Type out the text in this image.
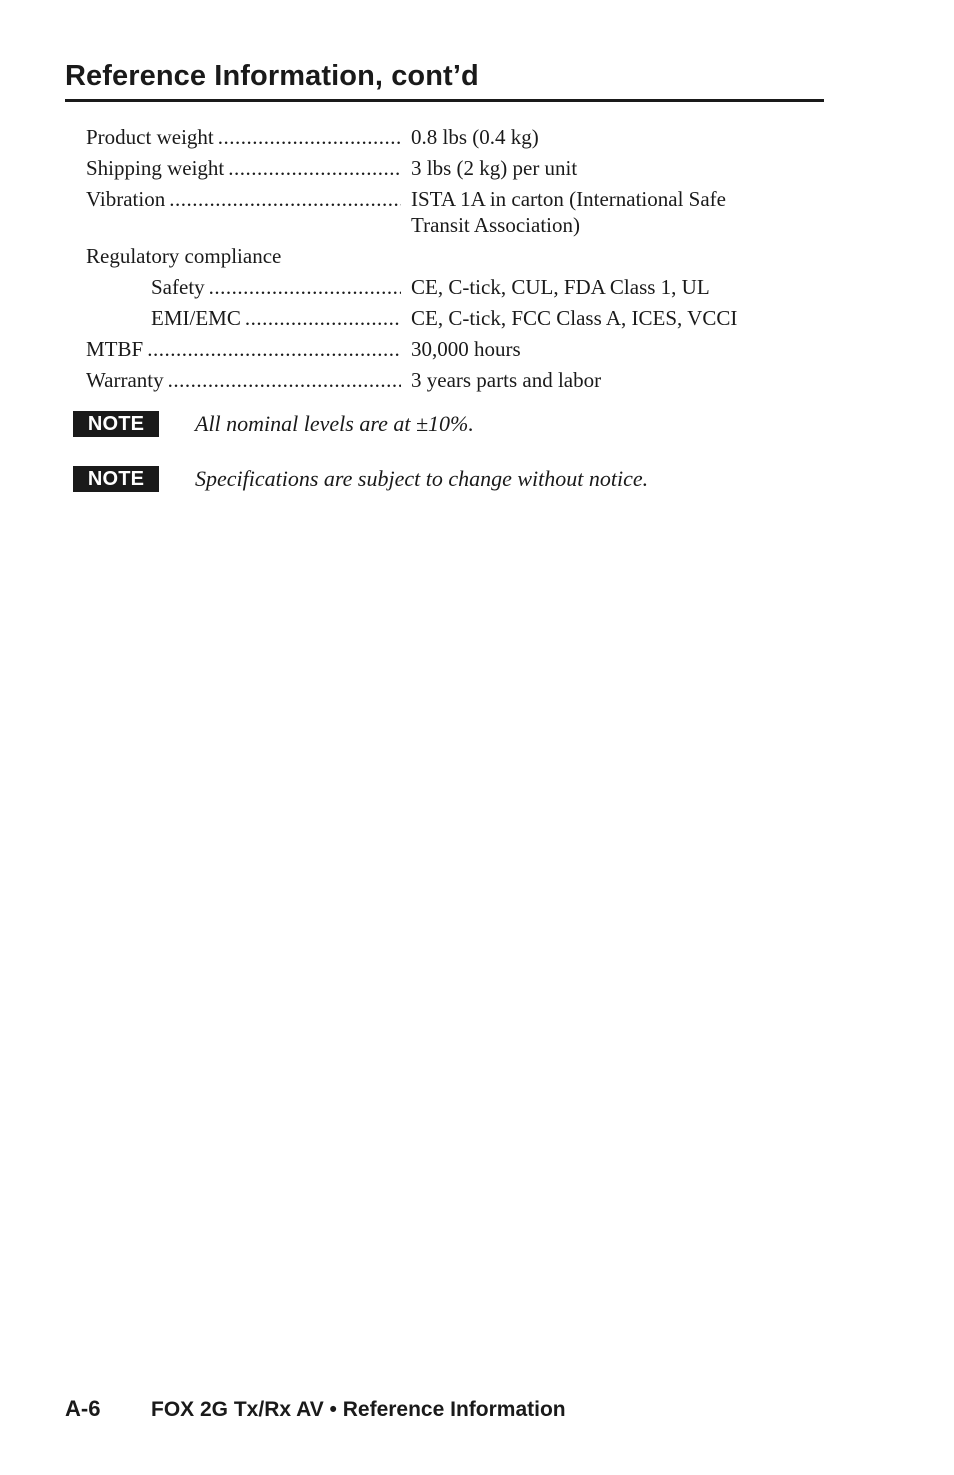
Reference Information, cont’d
Product weight .....	0.8 lbs (0.4 kg)
Shipping weight .....	3 lbs (2 kg) per unit
Vibration .....	ISTA 1A in carton (International Safe Transit Association)
Regulatory compliance
Safety .....	CE, C-tick, CUL, FDA Class 1, UL
EMI/EMC .....	CE, C-tick, FCC Class A, ICES, VCCI
MTBF .....	30,000 hours
Warranty .....	3 years parts and labor
NOTE	All nominal levels are at ±10%.
NOTE	Specifications are subject to change without notice.
A-6	FOX 2G Tx/Rx AV • Reference Information
